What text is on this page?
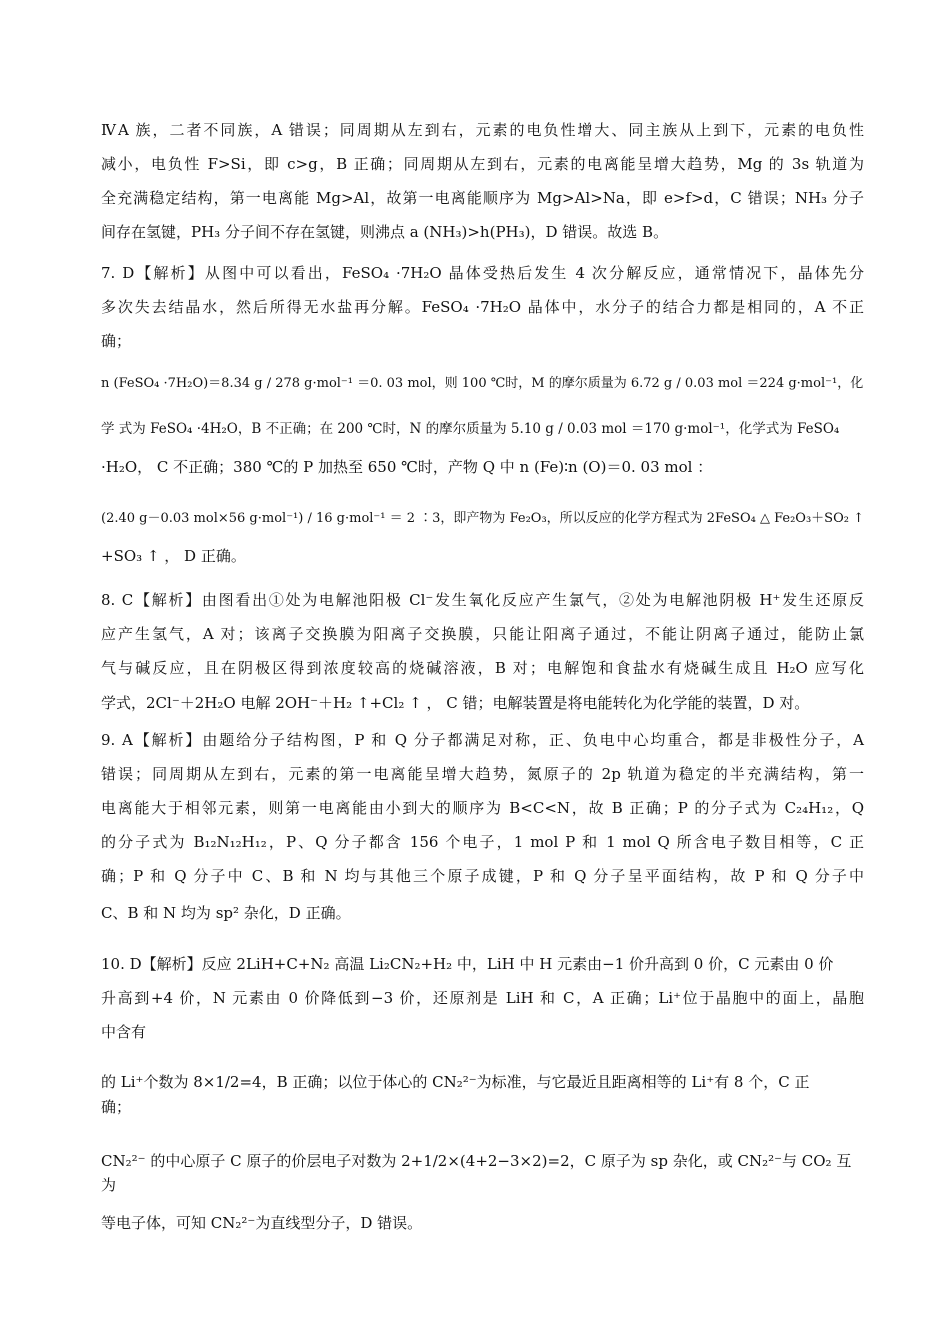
ⅣA 族，二者不同族，A 错误；同周期从左到右，元素的电负性增大、同主族从上到下，元素的电负性
减小，电负性 F>Si，即 c>g，B 正确；同周期从左到右，元素的电离能呈增大趋势，Mg 的 3s 轨道为
全充满稳定结构，第一电离能 Mg>Al，故第一电离能顺序为 Mg>Al>Na，即 e>f>d，C 错误；NH₃ 分子
间存在氢键，PH₃ 分子间不存在氢键，则沸点 a (NH₃)>h(PH₃)，D 错误。故选 B。
7. D【解析】从图中可以看出，FeSO₄ ·7H₂O 晶体受热后发生 4 次分解反应，通常情况下，晶体先分
多次失去结晶水，然后所得无水盐再分解。FeSO₄ ·7H₂O 晶体中，水分子的结合力都是相同的，A 不正
确；
n (FeSO₄ ·7H₂O)＝8.34 g / 278 g·mol⁻¹ ＝0. 03 mol，则 100 ℃时，M 的摩尔质量为 6.72 g / 0.03 mol ＝224 g·mol⁻¹，化
学 式为 FeSO₄ ·4H₂O，B 不正确；在 200 ℃时，N 的摩尔质量为 5.10 g / 0.03 mol ＝170 g·mol⁻¹，化学式为 FeSO₄
·H₂O， C 不正确；380 ℃的 P 加热至 650 ℃时，产物 Q 中 n (Fe)∶n (O)＝0. 03 mol ：
(2.40 g－0.03 mol×56 g·mol⁻¹) / 16 g·mol⁻¹ ＝ 2 ∶3，即产物为 Fe₂O₃，所以反应的化学方程式为 2FeSO₄ △ Fe₂O₃＋SO₂ ↑
+SO₃ ↑ ， D 正确。
8. C【解析】由图看出①处为电解池阳极 Cl⁻发生氧化反应产生氯气，②处为电解池阴极 H⁺发生还原反
应产生氢气，A 对；该离子交换膜为阳离子交换膜，只能让阳离子通过，不能让阴离子通过，能防止氯
气与碱反应，且在阴极区得到浓度较高的烧碱溶液，B 对；电解饱和食盐水有烧碱生成且 H₂O 应写化
学式，2Cl⁻＋2H₂O 电解 2OH⁻＋H₂ ↑+Cl₂ ↑ ， C 错；电解装置是将电能转化为化学能的装置，D 对。
9. A【解析】由题给分子结构图，P 和 Q 分子都满足对称，正、负电中心均重合，都是非极性分子，A
错误；同周期从左到右，元素的第一电离能呈增大趋势，氮原子的 2p 轨道为稳定的半充满结构，第一
电离能大于相邻元素，则第一电离能由小到大的顺序为 B<C<N，故 B 正确；P 的分子式为 C₂₄H₁₂，Q
的分子式为 B₁₂N₁₂H₁₂，P、Q 分子都含 156 个电子，1 mol P 和 1 mol Q 所含电子数目相等，C 正
确；P 和 Q 分子中 C、B 和 N 均与其他三个原子成键，P 和 Q 分子呈平面结构，故 P 和 Q 分子中
C、B 和 N 均为 sp² 杂化，D 正确。
10. D【解析】反应 2LiH+C+N₂ 高温 Li₂CN₂+H₂ 中，LiH 中 H 元素由−1 价升高到 0 价，C 元素由 0 价
升高到+4 价，N 元素由 0 价降低到−3 价，还原剂是 LiH 和 C，A 正确；Li⁺位于晶胞中的面上，晶胞
中含有
的 Li⁺个数为 8×1/2=4，B 正确；以位于体心的 CN₂²⁻为标准，与它最近且距离相等的 Li⁺有 8 个，C 正
确；
CN₂²⁻ 的中心原子 C 原子的价层电子对数为 2+1/2×(4+2−3×2)=2，C 原子为 sp 杂化，或 CN₂²⁻与 CO₂ 互
为
等电子体，可知 CN₂²⁻为直线型分子，D 错误。
